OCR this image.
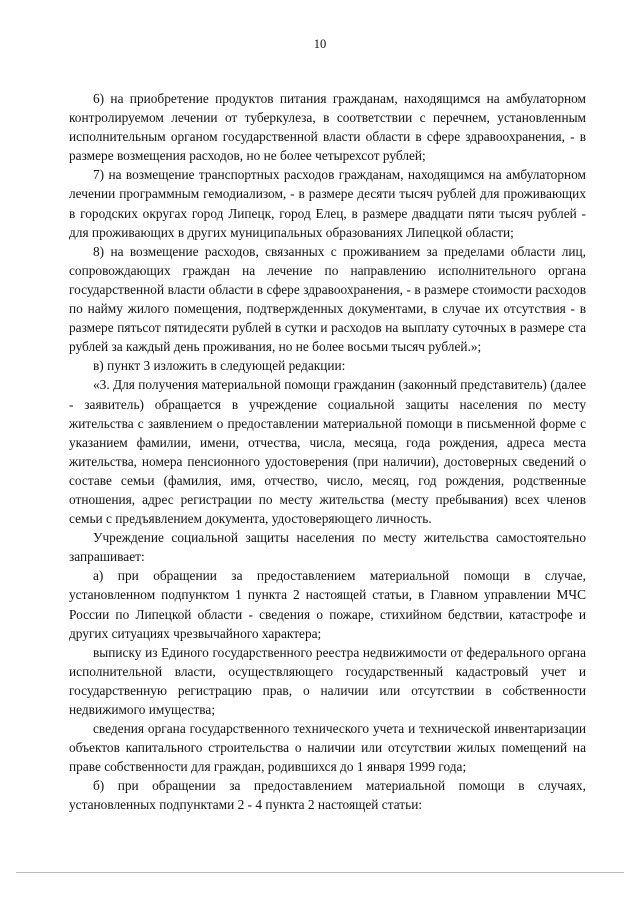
10

6) на приобретение продуктов питания гражданам, находящимся на амбулаторном контролируемом лечении от туберкулеза, в соответствии с перечнем, установленным исполнительным органом государственной власти области в сфере здравоохранения, - в размере возмещения расходов, но не более четырехсот рублей;

7) на возмещение транспортных расходов гражданам, находящимся на амбулаторном лечении программным гемодиализом, - в размере десяти тысяч рублей для проживающих в городских округах город Липецк, город Елец, в размере двадцати пяти тысяч рублей - для проживающих в других муниципальных образованиях Липецкой области;

8) на возмещение расходов, связанных с проживанием за пределами области лиц, сопровождающих граждан на лечение по направлению исполнительного органа государственной власти области в сфере здравоохранения, - в размере стоимости расходов по найму жилого помещения, подтвержденных документами, в случае их отсутствия - в размере пятьсот пятидесяти рублей в сутки и расходов на выплату суточных в размере ста рублей за каждый день проживания, но не более восьми тысяч рублей.»;

в) пункт 3 изложить в следующей редакции:

«3. Для получения материальной помощи гражданин (законный представитель) (далее - заявитель) обращается в учреждение социальной защиты населения по месту жительства с заявлением о предоставлении материальной помощи в письменной форме с указанием фамилии, имени, отчества, числа, месяца, года рождения, адреса места жительства, номера пенсионного удостоверения (при наличии), достоверных сведений о составе семьи (фамилия, имя, отчество, число, месяц, год рождения, родственные отношения, адрес регистрации по месту жительства (месту пребывания) всех членов семьи с предъявлением документа, удостоверяющего личность.

Учреждение социальной защиты населения по месту жительства самостоятельно запрашивает:

а) при обращении за предоставлением материальной помощи в случае, установленном подпунктом 1 пункта 2 настоящей статьи, в Главном управлении МЧС России по Липецкой области - сведения о пожаре, стихийном бедствии, катастрофе и других ситуациях чрезвычайного характера;

выписку из Единого государственного реестра недвижимости от федерального органа исполнительной власти, осуществляющего государственный кадастровый учет и государственную регистрацию прав, о наличии или отсутствии в собственности недвижимого имущества;

сведения органа государственного технического учета и технической инвентаризации объектов капитального строительства о наличии или отсутствии жилых помещений на праве собственности для граждан, родившихся до 1 января 1999 года;

б) при обращении за предоставлением материальной помощи в случаях, установленных подпунктами 2 - 4 пункта 2 настоящей статьи:
